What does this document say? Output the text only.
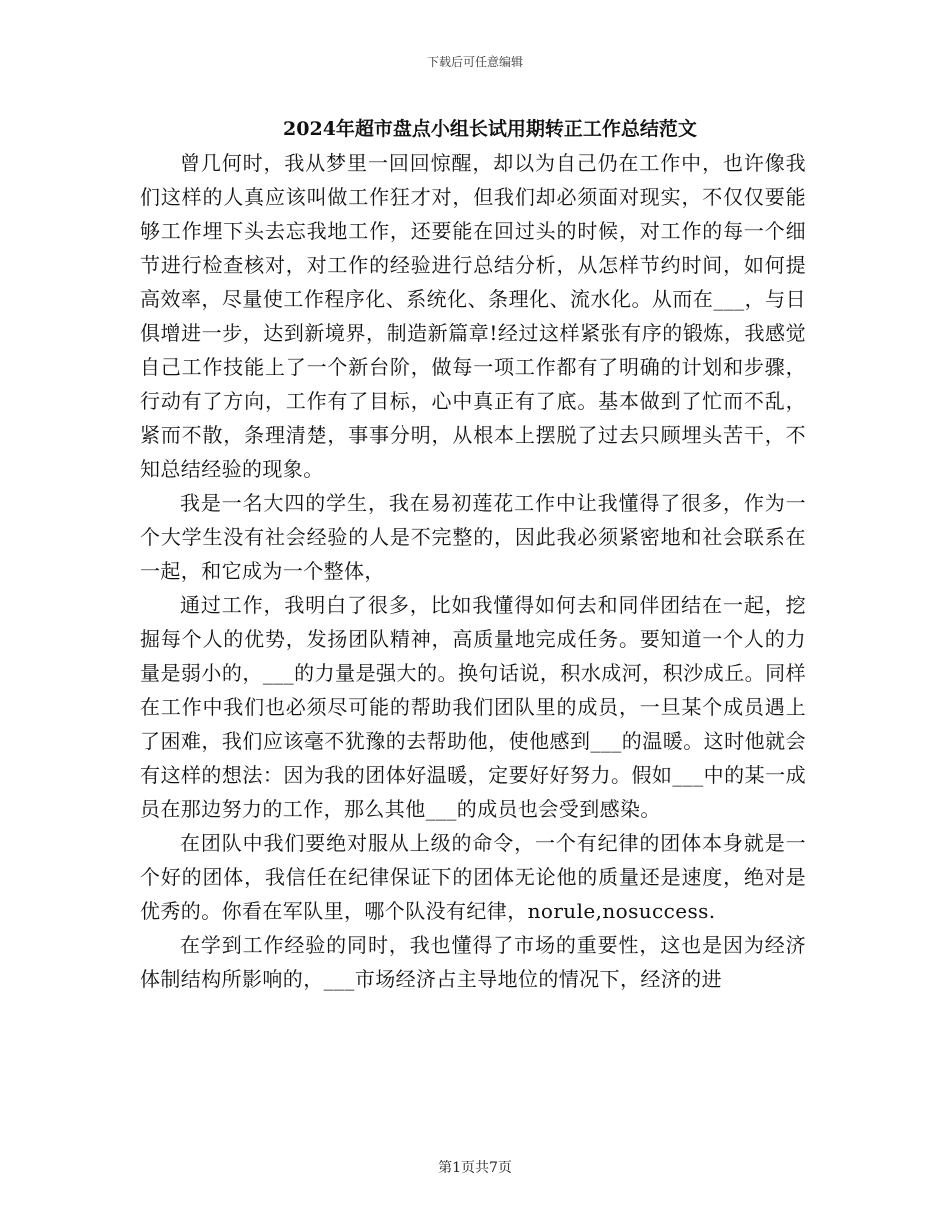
下载后可任意编辑
2024年超市盘点小组长试用期转正工作总结范文

曾几何时，我从梦里一回回惊醒，却以为自己仍在工作中，也许像我们这样的人真应该叫做工作狂才对，但我们却必须面对现实，不仅仅要能够工作埋下头去忘我地工作，还要能在回过头的时候，对工作的每一个细节进行检查核对，对工作的经验进行总结分析，从怎样节约时间，如何提高效率，尽量使工作程序化、系统化、条理化、流水化。从而在___，与日俱增进一步，达到新境界，制造新篇章!经过这样紧张有序的锻炼，我感觉自己工作技能上了一个新台阶，做每一项工作都有了明确的计划和步骤，行动有了方向，工作有了目标，心中真正有了底。基本做到了忙而不乱，紧而不散，条理清楚，事事分明，从根本上摆脱了过去只顾埋头苦干，不知总结经验的现象。

我是一名大四的学生，我在易初莲花工作中让我懂得了很多，作为一个大学生没有社会经验的人是不完整的，因此我必须紧密地和社会联系在一起，和它成为一个整体，

通过工作，我明白了很多，比如我懂得如何去和同伴团结在一起，挖掘每个人的优势，发扬团队精神，高质量地完成任务。要知道一个人的力量是弱小的，___的力量是强大的。换句话说，积水成河，积沙成丘。同样在工作中我们也必须尽可能的帮助我们团队里的成员，一旦某个成员遇上了困难，我们应该毫不犹豫的去帮助他，使他感到___的温暖。这时他就会有这样的想法：因为我的团体好温暖，定要好好努力。假如___中的某一成员在那边努力的工作，那么其他___的成员也会受到感染。

在团队中我们要绝对服从上级的命令，一个有纪律的团体本身就是一个好的团体，我信任在纪律保证下的团体无论他的质量还是速度，绝对是优秀的。你看在军队里，哪个队没有纪律，norule,nosuccess.

在学到工作经验的同时，我也懂得了市场的重要性，这也是因为经济体制结构所影响的，___市场经济占主导地位的情况下，经济的进

第1页共7页
